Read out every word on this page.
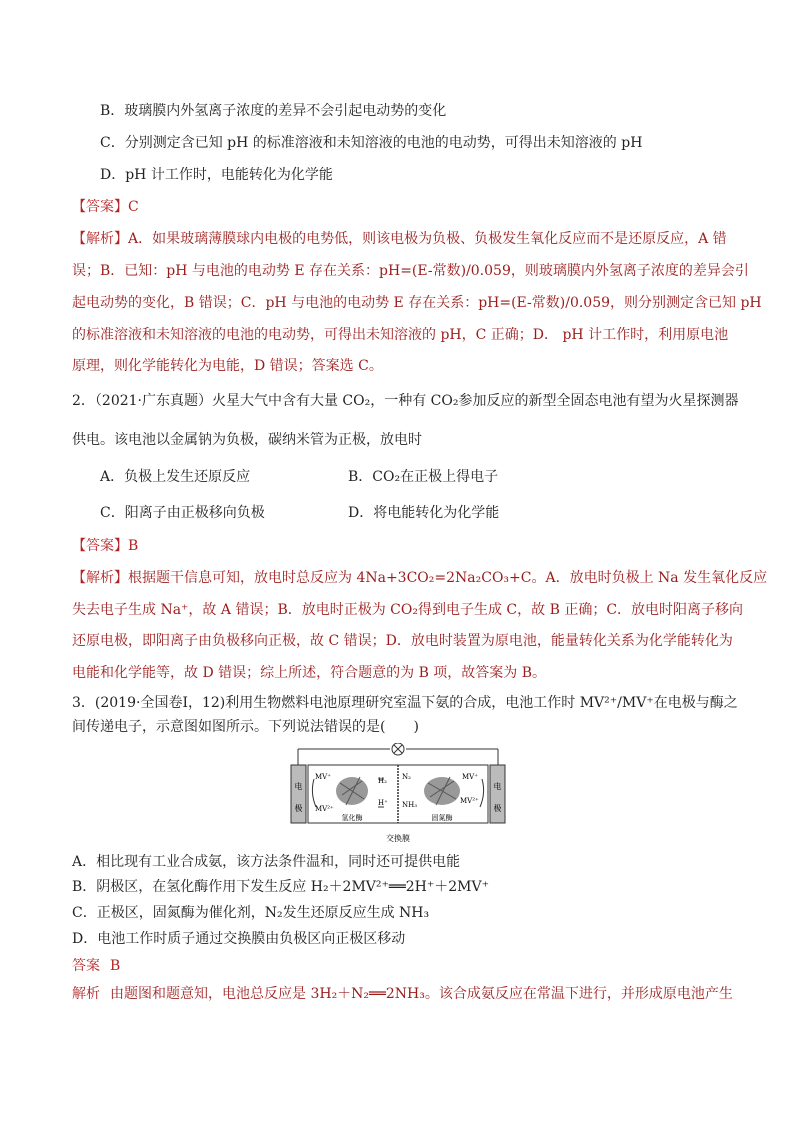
B．玻璃膜内外氢离子浓度的差异不会引起电动势的变化
C．分别测定含已知 pH 的标准溶液和未知溶液的电池的电动势，可得出未知溶液的 pH
D．pH 计工作时，电能转化为化学能
【答案】C
【解析】A．如果玻璃薄膜球内电极的电势低，则该电极为负极、负极发生氧化反应而不是还原反应，A 错
误；B．已知：pH 与电池的电动势 E 存在关系：pH=(E-常数)/0.059，则玻璃膜内外氢离子浓度的差异会引
起电动势的变化，B 错误；C．pH 与电池的电动势 E 存在关系：pH=(E-常数)/0.059，则分别测定含已知 pH
的标准溶液和未知溶液的电池的电动势，可得出未知溶液的 pH，C 正确；D． pH 计工作时，利用原电池
原理，则化学能转化为电能，D 错误；答案选 C。
2．（2021·广东真题）火星大气中含有大量 CO₂，一种有 CO₂参加反应的新型全固态电池有望为火星探测器
供电。该电池以金属钠为负极，碳纳米管为正极，放电时
A．负极上发生还原反应	B．CO₂在正极上得电子
C．阳离子由正极移向负极	D．将电能转化为化学能
【答案】B
【解析】根据题干信息可知，放电时总反应为 4Na+3CO₂=2Na₂CO₃+C。A．放电时负极上 Na 发生氧化反应
失去电子生成 Na⁺，故 A 错误；B．放电时正极为 CO₂得到电子生成 C，故 B 正确；C．放电时阳离子移向
还原电极，即阳离子由负极移向正极，故 C 错误；D．放电时装置为原电池，能量转化关系为化学能转化为
电能和化学能等，故 D 错误；综上所述，符合题意的为 B 项，故答案为 B。
3．(2019·全国卷Ⅰ，12)利用生物燃料电池原理研究室温下氨的合成，电池工作时 MV²⁺/MV⁺在电极与酶之
间传递电子，示意图如图所示。下列说法错误的是(　　)
电
极
电
极
MV⁺
MV²⁺
H₂
H⁺
氢化酶
N₂
NH₃
MV⁺
MV²⁺
固氮酶
交换膜
A．相比现有工业合成氨，该方法条件温和，同时还可提供电能
B．阴极区，在氢化酶作用下发生反应 H₂＋2MV²⁺══2H⁺＋2MV⁺
C．正极区，固氮酶为催化剂，N₂发生还原反应生成 NH₃
D．电池工作时质子通过交换膜由负极区向正极区移动
答案 B
解析 由题图和题意知，电池总反应是 3H₂＋N₂══2NH₃。该合成氨反应在常温下进行，并形成原电池产生
